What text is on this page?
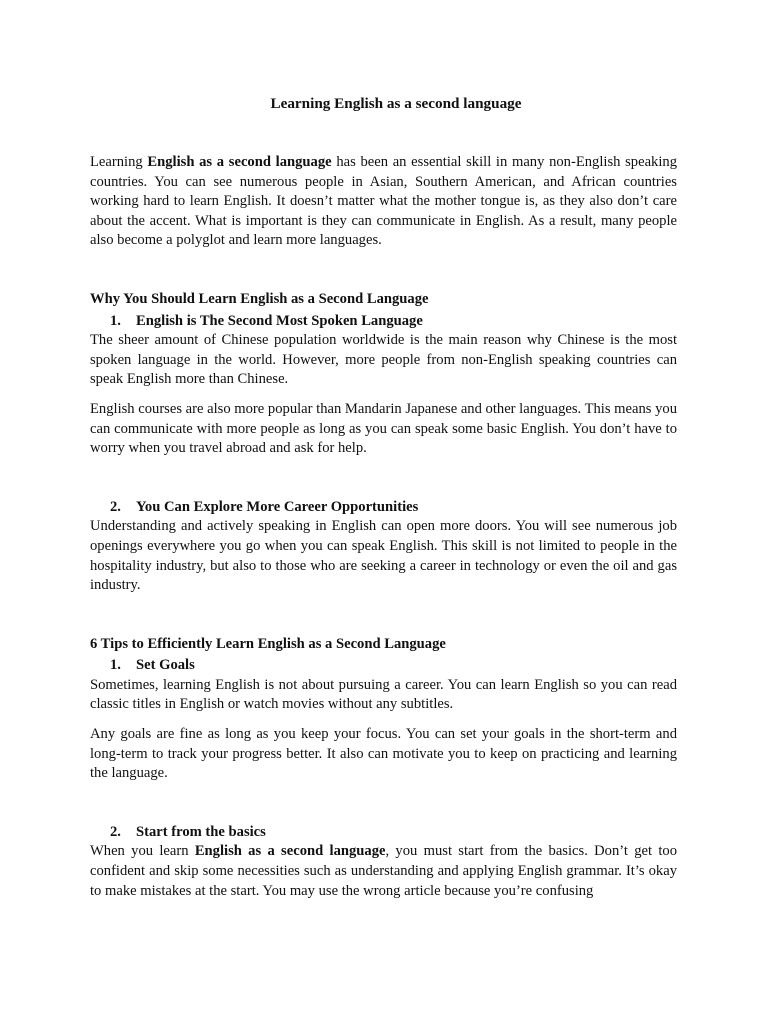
Learning English as a second language

Learning English as a second language has been an essential skill in many non-English speaking countries. You can see numerous people in Asian, Southern American, and African countries working hard to learn English. It doesn’t matter what the mother tongue is, as they also don’t care about the accent. What is important is they can communicate in English. As a result, many people also become a polyglot and learn more languages.

Why You Should Learn English as a Second Language
1. English is The Second Most Spoken Language

The sheer amount of Chinese population worldwide is the main reason why Chinese is the most spoken language in the world. However, more people from non-English speaking countries can speak English more than Chinese.

English courses are also more popular than Mandarin Japanese and other languages. This means you can communicate with more people as long as you can speak some basic English. You don’t have to worry when you travel abroad and ask for help.

2. You Can Explore More Career Opportunities

Understanding and actively speaking in English can open more doors. You will see numerous job openings everywhere you go when you can speak English. This skill is not limited to people in the hospitality industry, but also to those who are seeking a career in technology or even the oil and gas industry.

6 Tips to Efficiently Learn English as a Second Language
1. Set Goals

Sometimes, learning English is not about pursuing a career. You can learn English so you can read classic titles in English or watch movies without any subtitles.

Any goals are fine as long as you keep your focus. You can set your goals in the short-term and long-term to track your progress better. It also can motivate you to keep on practicing and learning the language.

2. Start from the basics

When you learn English as a second language, you must start from the basics. Don’t get too confident and skip some necessities such as understanding and applying English grammar. It’s okay to make mistakes at the start. You may use the wrong article because you’re confusing
